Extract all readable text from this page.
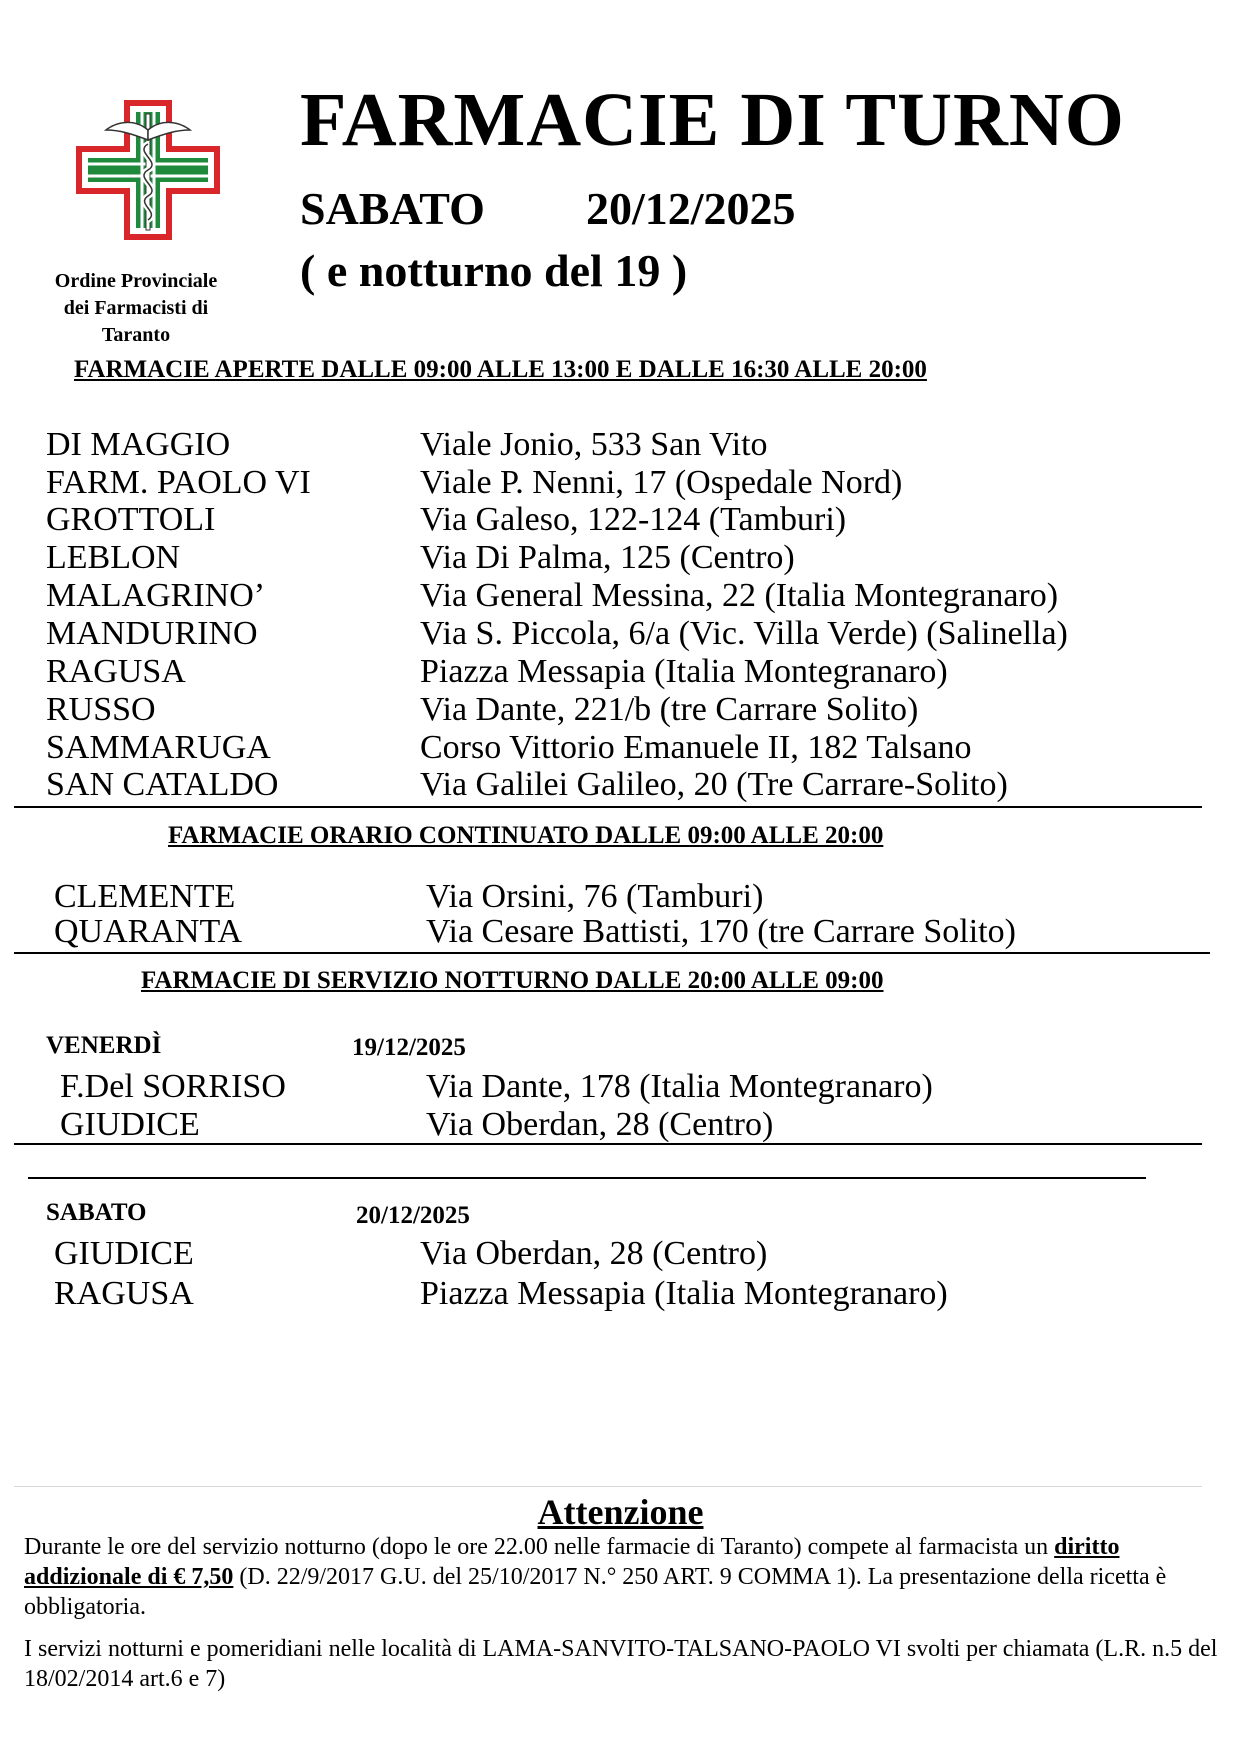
Ordine Provinciale
dei Farmacisti di
Taranto
FARMACIE DI TURNO
SABATO 20/12/2025
( e notturno del 19 )
FARMACIE APERTE DALLE 09:00 ALLE 13:00 E DALLE 16:30 ALLE 20:00
DI MAGGIO	Viale Jonio, 533 San Vito
FARM. PAOLO VI	Viale P. Nenni, 17 (Ospedale Nord)
GROTTOLI	Via Galeso, 122-124 (Tamburi)
LEBLON	Via Di Palma, 125 (Centro)
MALAGRINO’	Via General Messina, 22 (Italia Montegranaro)
MANDURINO	Via S. Piccola, 6/a (Vic. Villa Verde) (Salinella)
RAGUSA	Piazza Messapia (Italia Montegranaro)
RUSSO	Via Dante, 221/b (tre Carrare Solito)
SAMMARUGA	Corso Vittorio Emanuele II, 182 Talsano
SAN CATALDO	Via Galilei Galileo, 20 (Tre Carrare-Solito)
FARMACIE ORARIO CONTINUATO DALLE 09:00 ALLE 20:00
CLEMENTE	Via Orsini, 76 (Tamburi)
QUARANTA	Via Cesare Battisti, 170 (tre Carrare Solito)
FARMACIE DI SERVIZIO NOTTURNO DALLE 20:00 ALLE 09:00
VENERDÌ	19/12/2025
F.Del SORRISO	Via Dante, 178 (Italia Montegranaro)
GIUDICE	Via Oberdan, 28 (Centro)
SABATO	20/12/2025
GIUDICE	Via Oberdan, 28 (Centro)
RAGUSA	Piazza Messapia (Italia Montegranaro)
Attenzione
Durante le ore del servizio notturno (dopo le ore 22.00 nelle farmacie di Taranto) compete al farmacista un diritto addizionale di € 7,50 (D. 22/9/2017 G.U. del 25/10/2017 N.° 250 ART. 9 COMMA 1). La presentazione della ricetta è obbligatoria.
I servizi notturni e pomeridiani nelle località di LAMA-SANVITO-TALSANO-PAOLO VI svolti per chiamata (L.R. n.5 del 18/02/2014 art.6 e 7)
